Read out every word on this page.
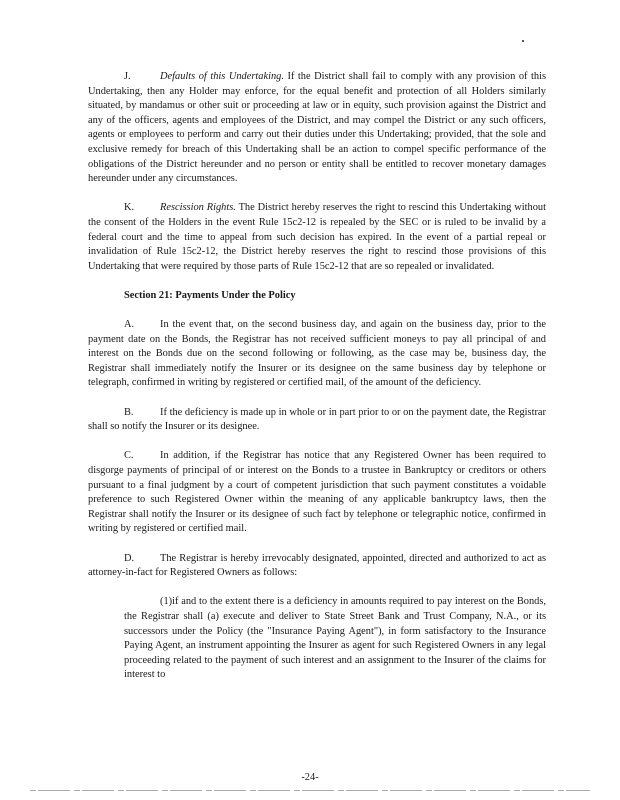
J.	Defaults of this Undertaking. If the District shall fail to comply with any provision of this Undertaking, then any Holder may enforce, for the equal benefit and protection of all Holders similarly situated, by mandamus or other suit or proceeding at law or in equity, such provision against the District and any of the officers, agents and employees of the District, and may compel the District or any such officers, agents or employees to perform and carry out their duties under this Undertaking; provided, that the sole and exclusive remedy for breach of this Undertaking shall be an action to compel specific performance of the obligations of the District hereunder and no person or entity shall be entitled to recover monetary damages hereunder under any circumstances.

K. Rescission Rights. The District hereby reserves the right to rescind this Undertaking without the consent of the Holders in the event Rule 15c2-12 is repealed by the SEC or is ruled to be invalid by a federal court and the time to appeal from such decision has expired. In the event of a partial repeal or invalidation of Rule 15c2-12, the District hereby reserves the right to rescind those provisions of this Undertaking that were required by those parts of Rule 15c2-12 that are so repealed or invalidated.

Section 21: Payments Under the Policy

A. In the event that, on the second business day, and again on the business day, prior to the payment date on the Bonds, the Registrar has not received sufficient moneys to pay all principal of and interest on the Bonds due on the second following or following, as the case may be, business day, the Registrar shall immediately notify the Insurer or its designee on the same business day by telephone or telegraph, confirmed in writing by registered or certified mail, of the amount of the deficiency.

B.	If the deficiency is made up in whole or in part prior to or on the payment date, the Registrar shall so notify the Insurer or its designee.

C.	In addition, if the Registrar has notice that any Registered Owner has been required to disgorge payments of principal of or interest on the Bonds to a trustee in Bankruptcy or creditors or others pursuant to a final judgment by a court of competent jurisdiction that such payment constitutes a voidable preference to such Registered Owner within the meaning of any applicable bankruptcy laws, then the Registrar shall notify the Insurer or its designee of such fact by telephone or telegraphic notice, confirmed in writing by registered or certified mail.

D. The Registrar is hereby irrevocably designated, appointed, directed and authorized to act as attorney-in-fact for Registered Owners as follows:

(1)if and to the extent there is a deficiency in amounts required to pay interest on the Bonds, the Registrar shall (a) execute and deliver to State Street Bank and Trust Company, N.A., or its successors under the Policy (the "Insurance Paying Agent"), in form satisfactory to the Insurance Paying Agent, an instrument appointing the Insurer as agent for such Registered Owners in any legal proceeding related to the payment of such interest and an assignment to the Insurer of the claims for interest to

-24-
